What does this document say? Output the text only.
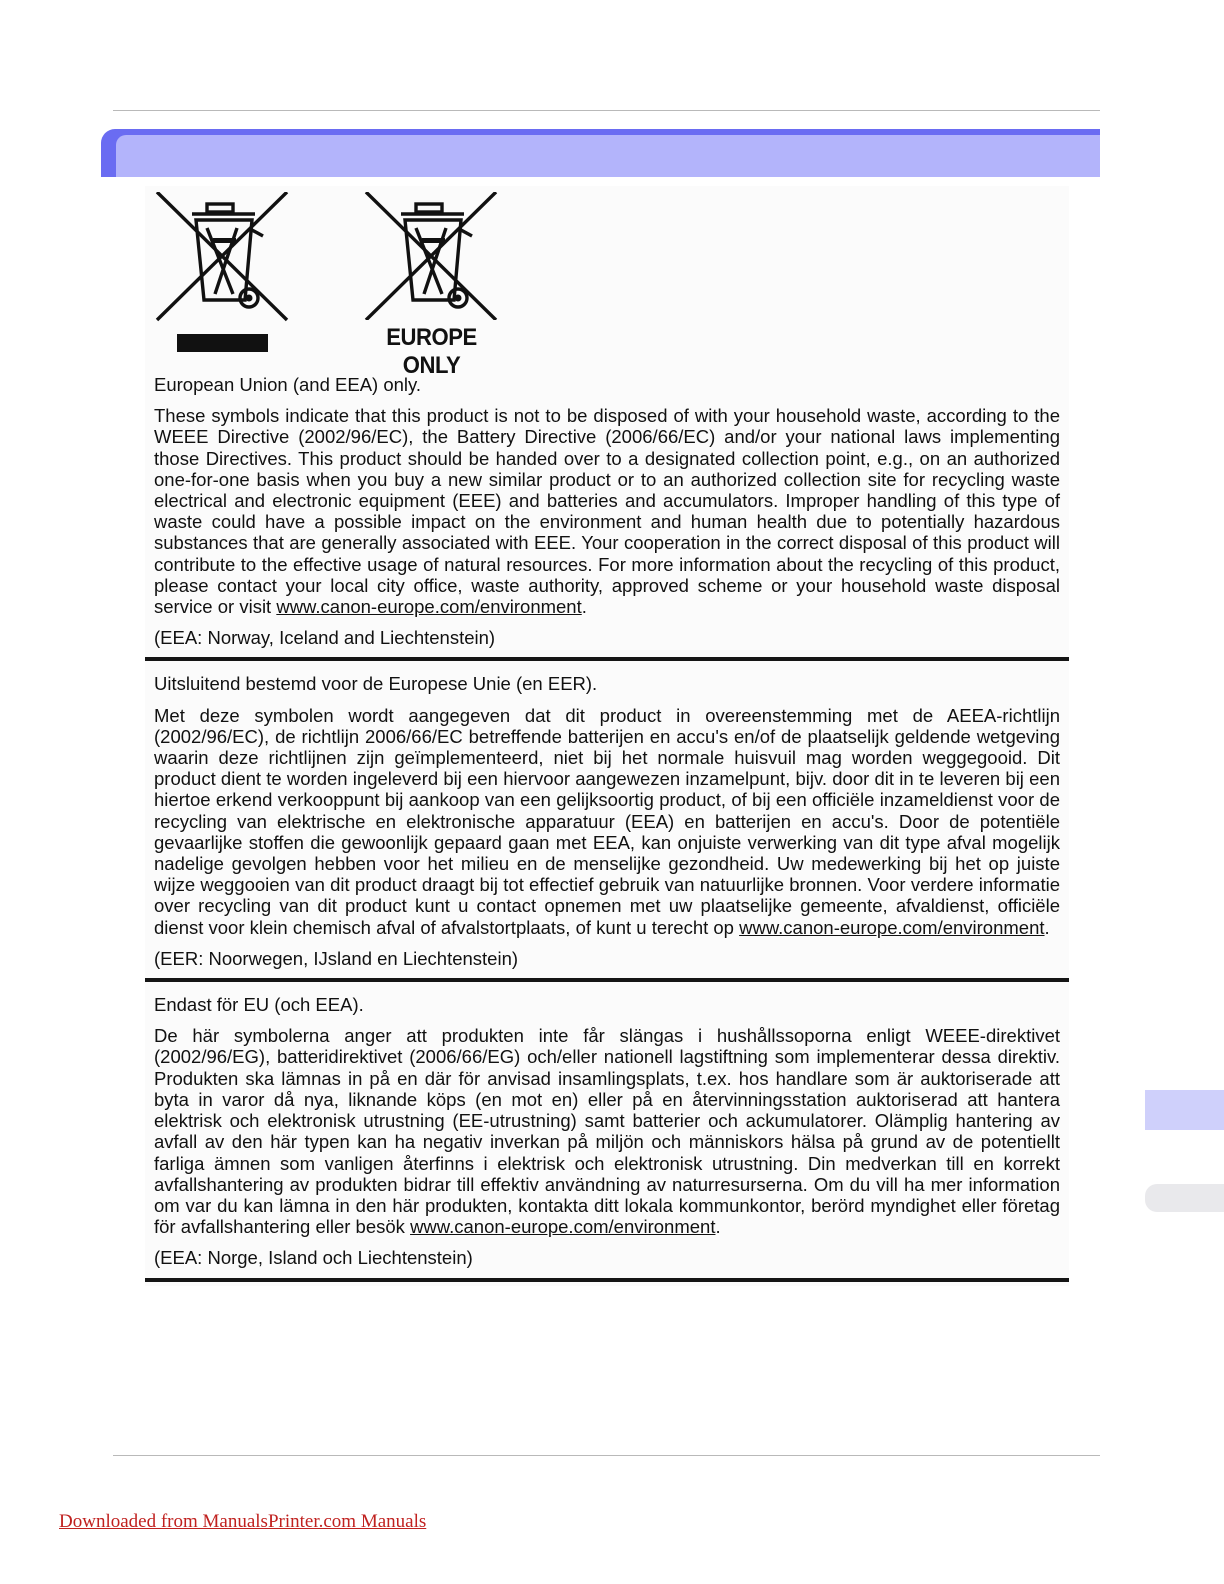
EUROPE ONLY

European Union (and EEA) only.

These symbols indicate that this product is not to be disposed of with your household waste, according to the WEEE Directive (2002/96/EC), the Battery Directive (2006/66/EC) and/or your national laws implementing those Directives. This product should be handed over to a designated collection point, e.g., on an authorized one-for-one basis when you buy a new similar product or to an authorized collection site for recycling waste electrical and electronic equipment (EEE) and batteries and accumulators. Improper handling of this type of waste could have a possible impact on the environment and human health due to potentially hazardous substances that are generally associated with EEE. Your cooperation in the correct disposal of this product will contribute to the effective usage of natural resources. For more information about the recycling of this product, please contact your local city office, waste authority, approved scheme or your household waste disposal service or visit www.canon-europe.com/environment.

(EEA: Norway, Iceland and Liechtenstein)

Uitsluitend bestemd voor de Europese Unie (en EER).

Met deze symbolen wordt aangegeven dat dit product in overeenstemming met de AEEA-richtlijn (2002/96/EC), de richtlijn 2006/66/EC betreffende batterijen en accu's en/of de plaatselijk geldende wetgeving waarin deze richtlijnen zijn geïmplementeerd, niet bij het normale huisvuil mag worden weggegooid. Dit product dient te worden ingeleverd bij een hiervoor aangewezen inzamelpunt, bijv. door dit in te leveren bij een hiertoe erkend verkooppunt bij aankoop van een gelijksoortig product, of bij een officiële inzameldienst voor de recycling van elektrische en elektronische apparatuur (EEA) en batterijen en accu's. Door de potentiële gevaarlijke stoffen die gewoonlijk gepaard gaan met EEA, kan onjuiste verwerking van dit type afval mogelijk nadelige gevolgen hebben voor het milieu en de menselijke gezondheid. Uw medewerking bij het op juiste wijze weggooien van dit product draagt bij tot effectief gebruik van natuurlijke bronnen. Voor verdere informatie over recycling van dit product kunt u contact opnemen met uw plaatselijke gemeente, afvaldienst, officiële dienst voor klein chemisch afval of afvalstortplaats, of kunt u terecht op www.canon-europe.com/environment.

(EER: Noorwegen, IJsland en Liechtenstein)

Endast för EU (och EEA).

De här symbolerna anger att produkten inte får slängas i hushållssoporna enligt WEEE-direktivet (2002/96/EG), batteridirektivet (2006/66/EG) och/eller nationell lagstiftning som implementerar dessa direktiv. Produkten ska lämnas in på en där för anvisad insamlingsplats, t.ex. hos handlare som är auktoriserade att byta in varor då nya, liknande köps (en mot en) eller på en återvinningsstation auktoriserad att hantera elektrisk och elektronisk utrustning (EE-utrustning) samt batterier och ackumulatorer. Olämplig hantering av avfall av den här typen kan ha negativ inverkan på miljön och människors hälsa på grund av de potentiellt farliga ämnen som vanligen återfinns i elektrisk och elektronisk utrustning. Din medverkan till en korrekt avfallshantering av produkten bidrar till effektiv användning av naturresurserna. Om du vill ha mer information om var du kan lämna in den här produkten, kontakta ditt lokala kommunkontor, berörd myndighet eller företag för avfallshantering eller besök www.canon-europe.com/environment.

(EEA: Norge, Island och Liechtenstein)

Downloaded from ManualsPrinter.com Manuals
